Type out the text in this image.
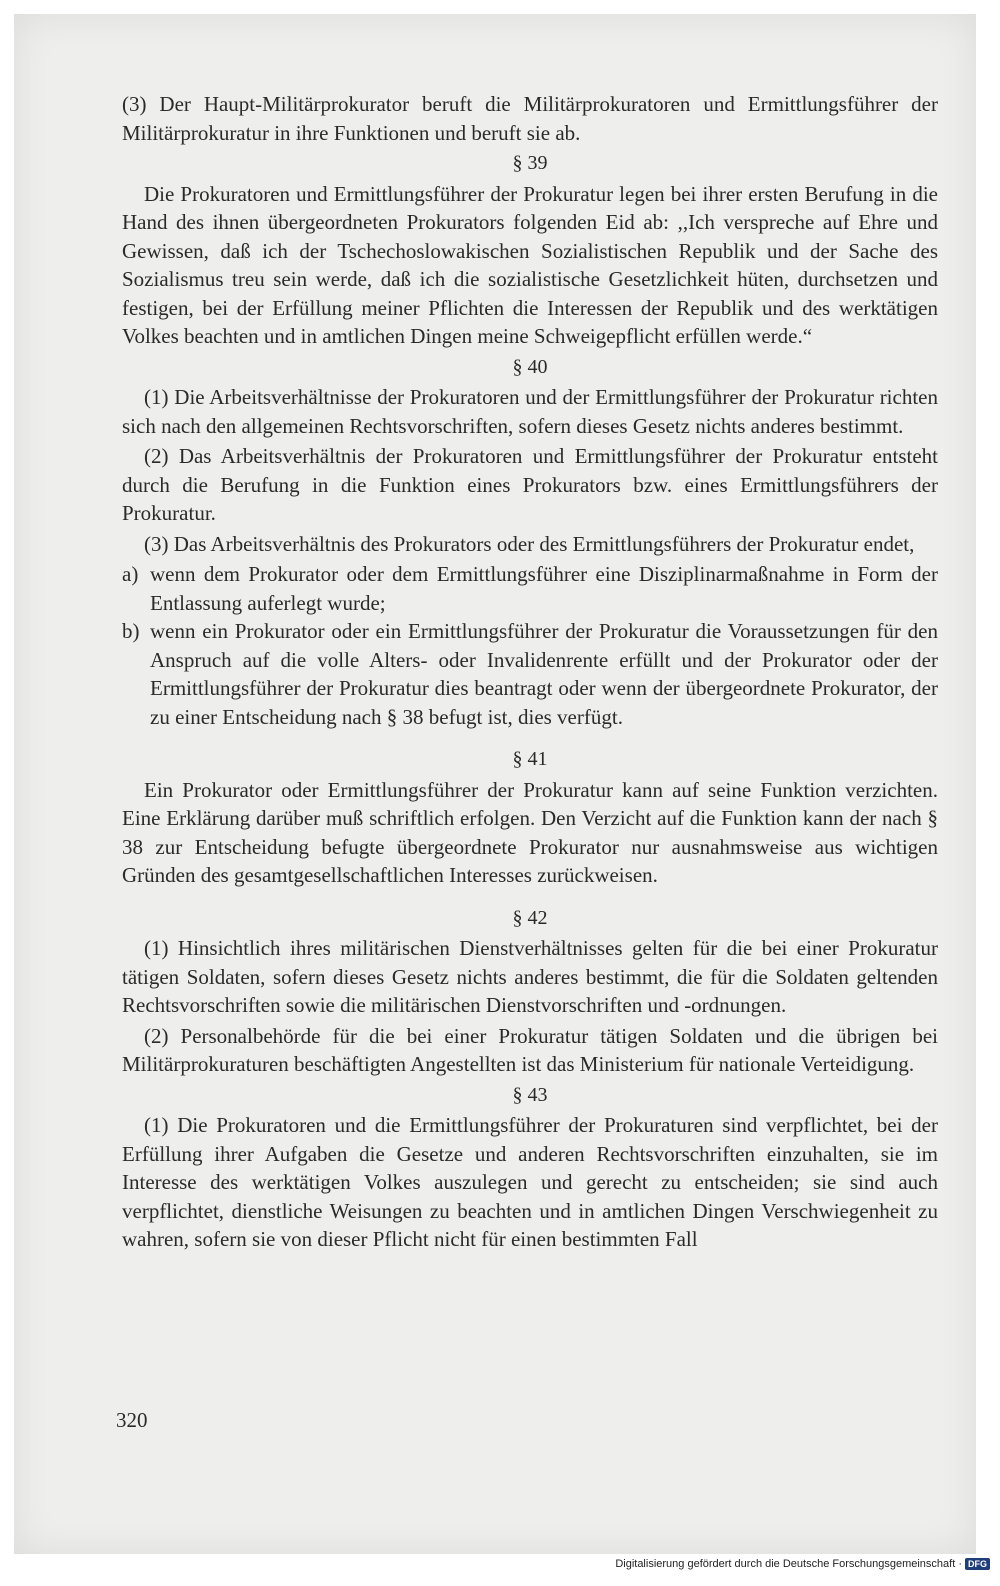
(3) Der Haupt-Militärprokurator beruft die Militärprokuratoren und Ermittlungsführer der Militärprokuratur in ihre Funktionen und beruft sie ab.

§ 39

Die Prokuratoren und Ermittlungsführer der Prokuratur legen bei ihrer ersten Berufung in die Hand des ihnen übergeordneten Prokurators folgenden Eid ab: ,,Ich verspreche auf Ehre und Gewissen, daß ich der Tschechoslowakischen Sozialistischen Republik und der Sache des Sozialismus treu sein werde, daß ich die sozialistische Gesetzlichkeit hüten, durchsetzen und festigen, bei der Erfüllung meiner Pflichten die Interessen der Republik und des werktätigen Volkes beachten und in amtlichen Dingen meine Schweigepflicht erfüllen werde.“

§ 40

(1) Die Arbeitsverhältnisse der Prokuratoren und der Ermittlungsführer der Prokuratur richten sich nach den allgemeinen Rechtsvorschriften, sofern dieses Gesetz nichts anderes bestimmt.

(2) Das Arbeitsverhältnis der Prokuratoren und Ermittlungsführer der Prokuratur entsteht durch die Berufung in die Funktion eines Prokurators bzw. eines Ermittlungsführers der Prokuratur.

(3) Das Arbeitsverhältnis des Prokurators oder des Ermittlungsführers der Prokuratur endet,

a) wenn dem Prokurator oder dem Ermittlungsführer eine Disziplinarmaßnahme in Form der Entlassung auferlegt wurde;
b) wenn ein Prokurator oder ein Ermittlungsführer der Prokuratur die Voraussetzungen für den Anspruch auf die volle Alters- oder Invalidenrente erfüllt und der Prokurator oder der Ermittlungsführer der Prokuratur dies beantragt oder wenn der übergeordnete Prokurator, der zu einer Entscheidung nach § 38 befugt ist, dies verfügt.
§ 41

Ein Prokurator oder Ermittlungsführer der Prokuratur kann auf seine Funktion verzichten. Eine Erklärung darüber muß schriftlich erfolgen. Den Verzicht auf die Funktion kann der nach § 38 zur Entscheidung befugte übergeordnete Prokurator nur ausnahmsweise aus wichtigen Gründen des gesamtgesellschaftlichen Interesses zurückweisen.

§ 42

(1) Hinsichtlich ihres militärischen Dienstverhältnisses gelten für die bei einer Prokuratur tätigen Soldaten, sofern dieses Gesetz nichts anderes bestimmt, die für die Soldaten geltenden Rechtsvorschriften sowie die militärischen Dienstvorschriften und -ordnungen.

(2) Personalbehörde für die bei einer Prokuratur tätigen Soldaten und die übrigen bei Militärprokuraturen beschäftigten Angestellten ist das Ministerium für nationale Verteidigung.

§ 43

(1) Die Prokuratoren und die Ermittlungsführer der Prokuraturen sind verpflichtet, bei der Erfüllung ihrer Aufgaben die Gesetze und anderen Rechtsvorschriften einzuhalten, sie im Interesse des werktätigen Volkes auszulegen und gerecht zu entscheiden; sie sind auch verpflichtet, dienstliche Weisungen zu beachten und in amtlichen Dingen Verschwiegenheit zu wahren, sofern sie von dieser Pflicht nicht für einen bestimmten Fall

320
Digitalisierung gefördert durch die Deutsche Forschungsgemeinschaft · DFG
